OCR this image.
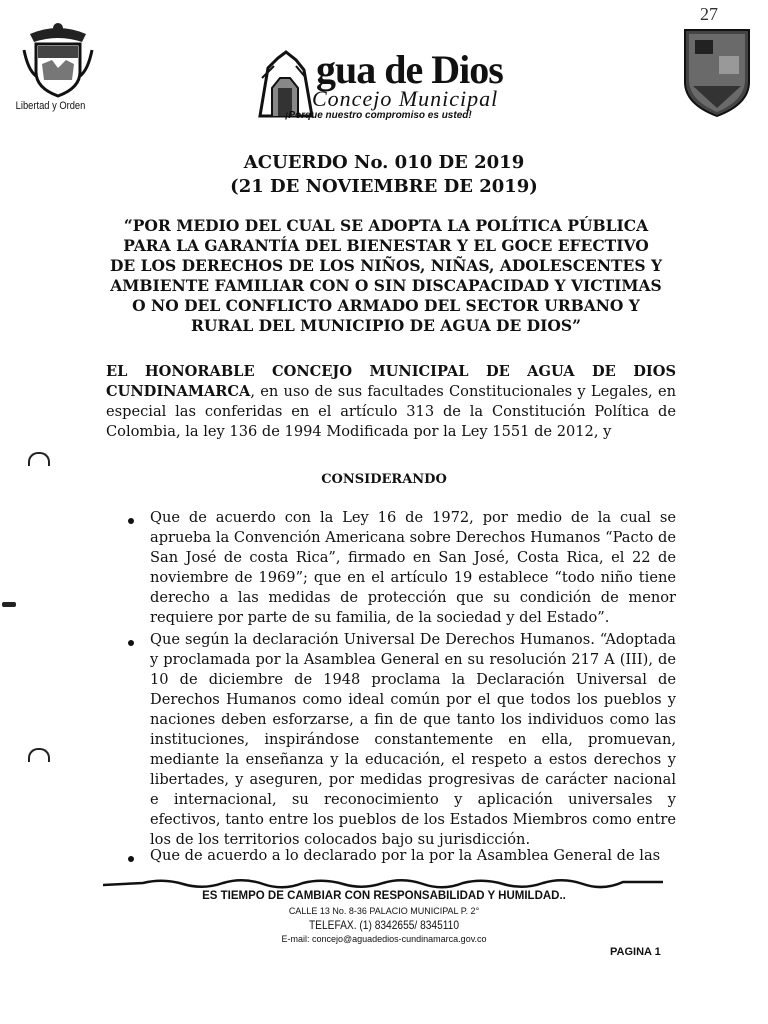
27
Libertad y Orden
gua de Dios
Concejo Municipal
¡Porque nuestro compromiso es usted!
ACUERDO No. 010 DE 2019
(21 DE NOVIEMBRE DE 2019)
“POR MEDIO DEL CUAL SE ADOPTA LA POLÍTICA PÚBLICA
PARA LA GARANTÍA DEL BIENESTAR Y EL GOCE EFECTIVO
DE LOS DERECHOS DE LOS NIÑOS, NIÑAS, ADOLESCENTES Y
AMBIENTE FAMILIAR CON O SIN DISCAPACIDAD Y VICTIMAS
O NO DEL CONFLICTO ARMADO DEL SECTOR URBANO Y
RURAL DEL MUNICIPIO DE AGUA DE DIOS”
EL HONORABLE CONCEJO MUNICIPAL DE AGUA DE DIOS CUNDINAMARCA, en uso de sus facultades Constitucionales y Legales, en especial las conferidas en el artículo 313 de la Constitución Política de Colombia, la ley 136 de 1994 Modificada por la Ley 1551 de 2012, y
CONSIDERANDO
Que de acuerdo con la Ley 16 de 1972, por medio de la cual se aprueba la Convención Americana sobre Derechos Humanos “Pacto de San José de costa Rica”, firmado en San José, Costa Rica, el 22 de noviembre de 1969”; que en el artículo 19 establece “todo niño tiene derecho a las medidas de protección que su condición de menor requiere por parte de su familia, de la sociedad y del Estado”.
Que según la declaración Universal De Derechos Humanos. “Adoptada y proclamada por la Asamblea General en su resolución 217 A (III), de 10 de diciembre de 1948 proclama la Declaración Universal de Derechos Humanos como ideal común por el que todos los pueblos y naciones deben esforzarse, a fin de que tanto los individuos como las instituciones, inspirándose constantemente en ella, promuevan, mediante la enseñanza y la educación, el respeto a estos derechos y libertades, y aseguren, por medidas progresivas de carácter nacional e internacional, su reconocimiento y aplicación universales y efectivos, tanto entre los pueblos de los Estados Miembros como entre los de los territorios colocados bajo su jurisdicción.
Que de acuerdo a lo declarado por la por la Asamblea General de las
ES TIEMPO DE CAMBIAR CON RESPONSABILIDAD Y HUMILDAD..
CALLE 13 No. 8-36 PALACIO MUNICIPAL P. 2°
TELEFAX. (1) 8342655/ 8345110
E-mail: concejo@aguadedios-cundinamarca.gov.co
PAGINA 1
